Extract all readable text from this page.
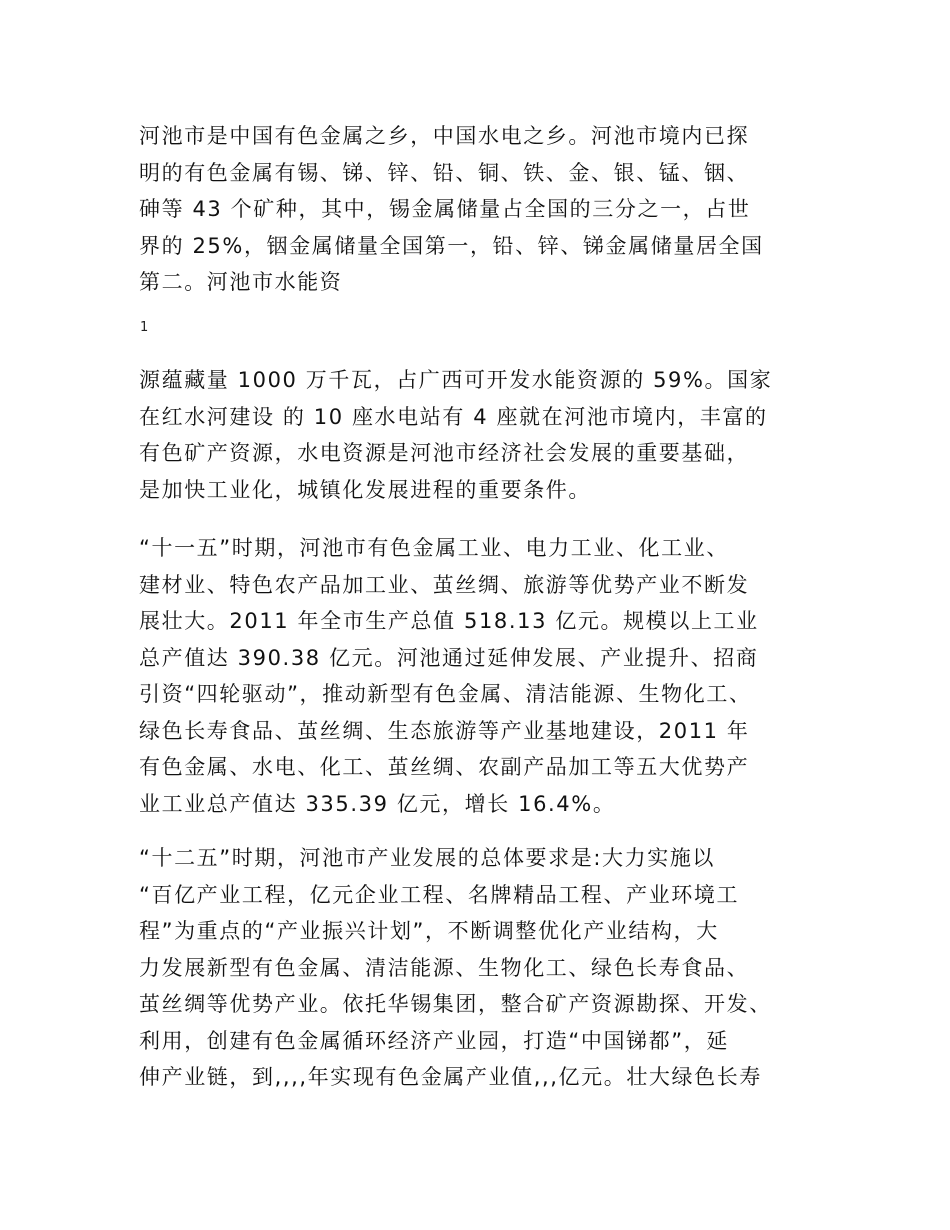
河池市是中国有色金属之乡，中国水电之乡。河池市境内已探
明的有色金属有锡、锑、锌、铅、铜、铁、金、银、锰、铟、
砷等 43 个矿种，其中，锡金属储量占全国的三分之一，占世
界的 25%，铟金属储量全国第一，铅、锌、锑金属储量居全国
第二。河池市水能资
1
源蕴藏量 1000 万千瓦，占广西可开发水能资源的 59%。国家
在红水河建设 的 10 座水电站有 4 座就在河池市境内，丰富的
有色矿产资源，水电资源是河池市经济社会发展的重要基础，
是加快工业化，城镇化发展进程的重要条件。
“十一五”时期，河池市有色金属工业、电力工业、化工业、
建材业、特色农产品加工业、茧丝绸、旅游等优势产业不断发
展壮大。2011 年全市生产总值 518.13 亿元。规模以上工业
总产值达 390.38 亿元。河池通过延伸发展、产业提升、招商
引资“四轮驱动”，推动新型有色金属、清洁能源、生物化工、
绿色长寿食品、茧丝绸、生态旅游等产业基地建设，2011 年
有色金属、水电、化工、茧丝绸、农副产品加工等五大优势产
业工业总产值达 335.39 亿元，增长 16.4%。
“十二五”时期，河池市产业发展的总体要求是:大力实施以
“百亿产业工程，亿元企业工程、名牌精品工程、产业环境工
程”为重点的“产业振兴计划”，不断调整优化产业结构，大
力发展新型有色金属、清洁能源、生物化工、绿色长寿食品、
茧丝绸等优势产业。依托华锡集团，整合矿产资源勘探、开发、
利用，创建有色金属循环经济产业园，打造“中国锑都”，延
伸产业链，到,,,,年实现有色金属产业值,,,亿元。壮大绿色长寿
